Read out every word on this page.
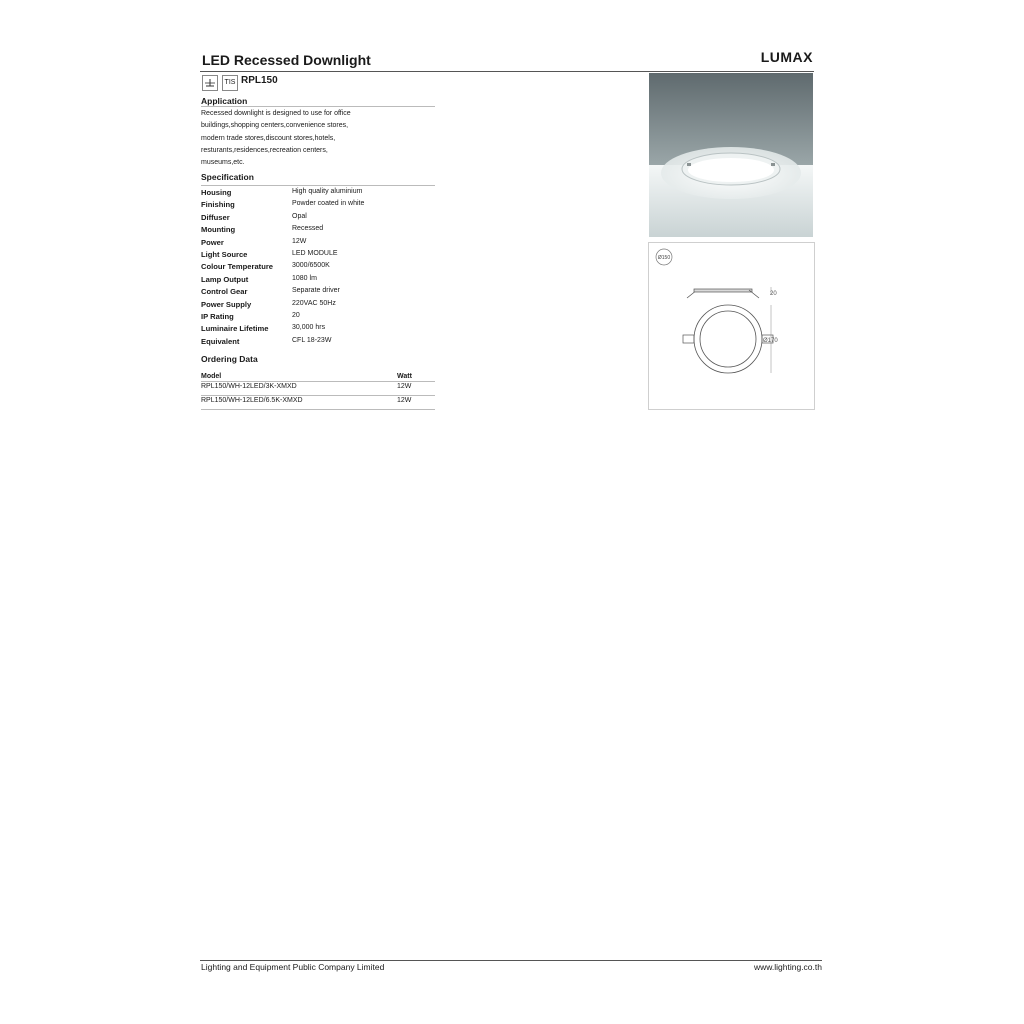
LED Recessed Downlight	LUMAX
TIS RPL150
Application
Recessed downlight is designed to use for office
buildings,shopping centers,convenience stores,
modern trade stores,discount stores,hotels,
resturants,residences,recreation centers,
museums,etc.
Specification
Housing	High quality aluminium
Finishing	Powder coated in white
Diffuser	Opal
Mounting	Recessed
Power	12W
Light Source	LED MODULE
Colour Temperature	3000/6500K
Lamp Output	1080 lm
Control Gear	Separate driver
Power Supply	220VAC 50Hz
IP Rating	20
Luminaire Lifetime	30,000 hrs
Equivalent	CFL 18-23W
Ordering Data
Model	Watt
RPL150/WH-12LED/3K-XMXD	12W
RPL150/WH-12LED/6.5K-XMXD	12W
Ø150
20
Ø170
Lighting and Equipment Public Company Limited	www.lighting.co.th
